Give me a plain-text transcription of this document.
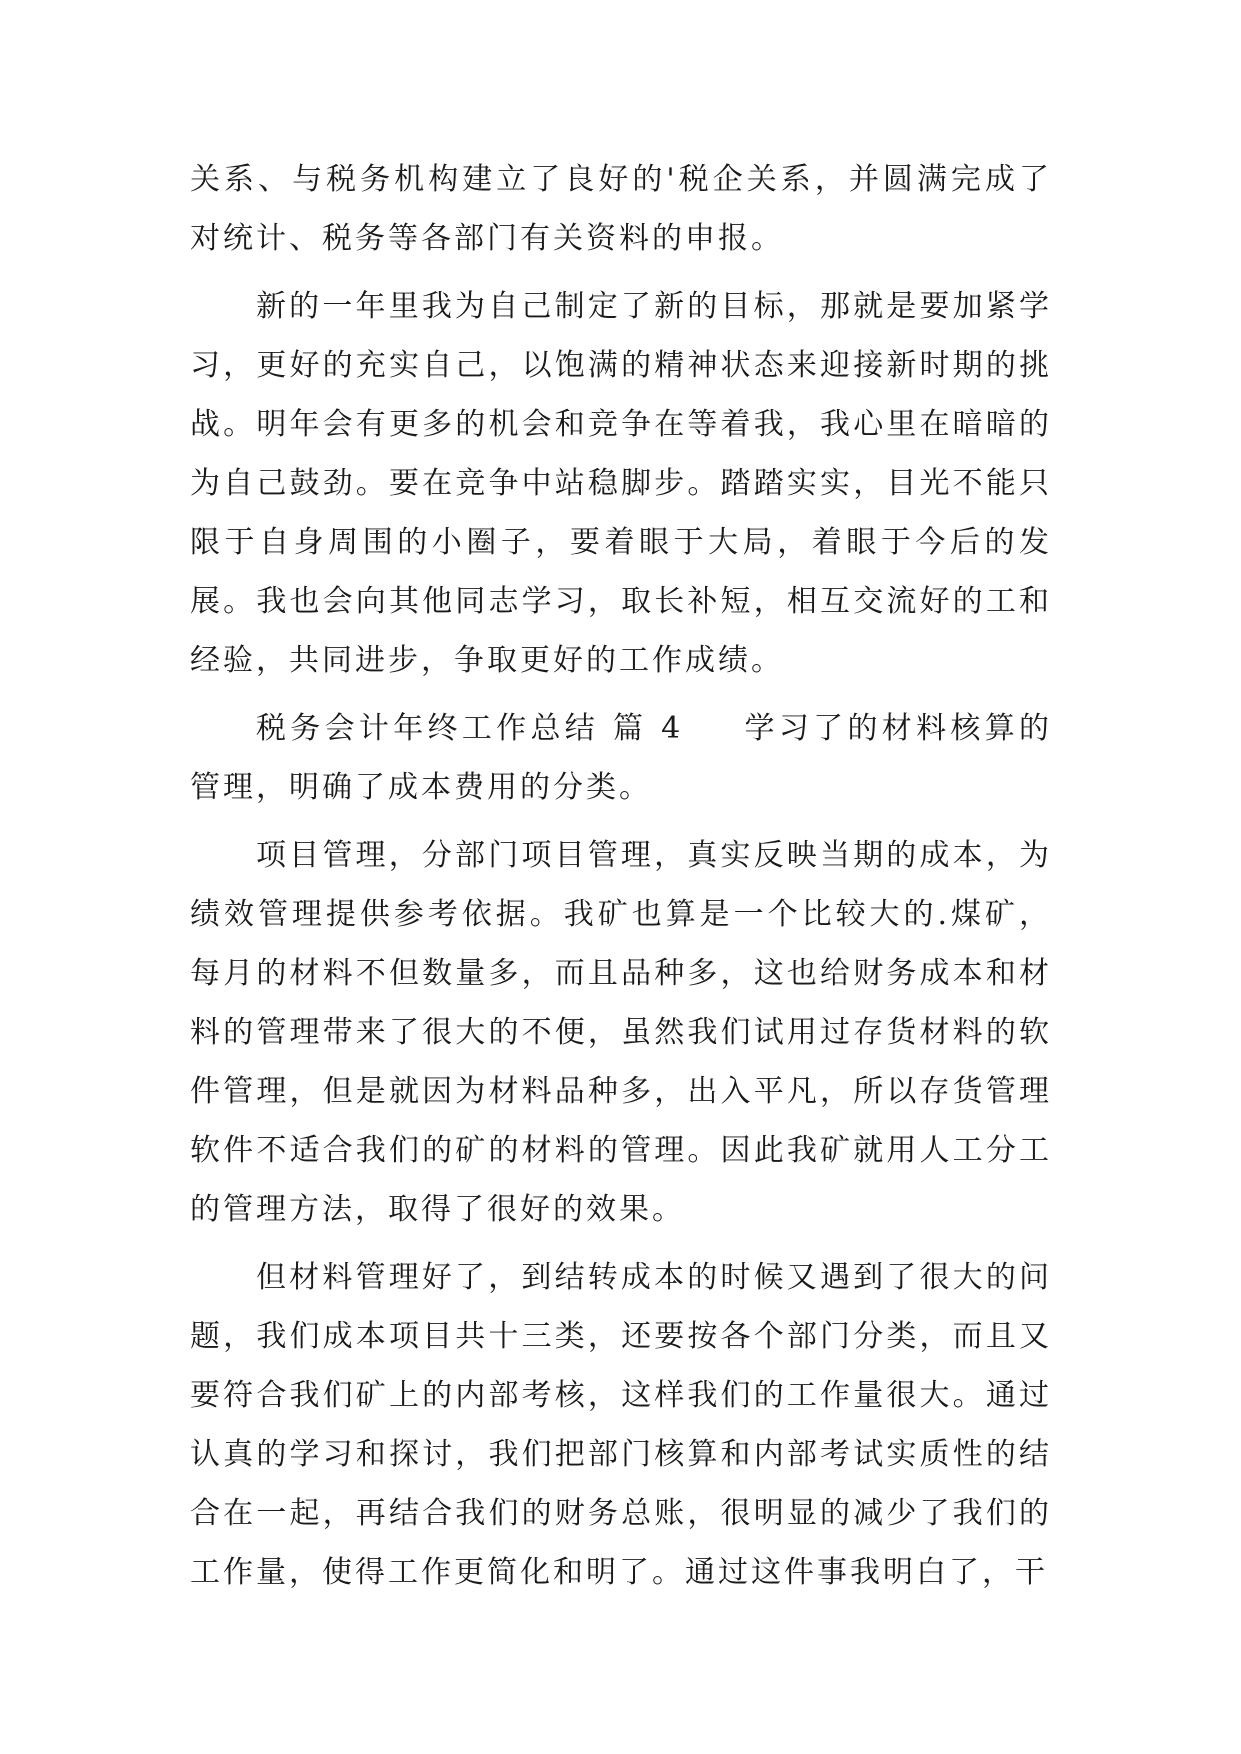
关系、与税务机构建立了良好的'税企关系，并圆满完成了对统计、税务等各部门有关资料的申报。

新的一年里我为自己制定了新的目标，那就是要加紧学习，更好的充实自己，以饱满的精神状态来迎接新时期的挑战。明年会有更多的机会和竞争在等着我，我心里在暗暗的为自己鼓劲。要在竞争中站稳脚步。踏踏实实，目光不能只限于自身周围的小圈子，要着眼于大局，着眼于今后的发展。我也会向其他同志学习，取长补短，相互交流好的工和经验，共同进步，争取更好的工作成绩。

税务会计年终工作总结 篇 4 学习了的材料核算的管理，明确了成本费用的分类。

项目管理，分部门项目管理，真实反映当期的成本，为绩效管理提供参考依据。我矿也算是一个比较大的.煤矿，每月的材料不但数量多，而且品种多，这也给财务成本和材料的管理带来了很大的不便，虽然我们试用过存货材料的软件管理，但是就因为材料品种多，出入平凡，所以存货管理软件不适合我们的矿的材料的管理。因此我矿就用人工分工的管理方法，取得了很好的效果。

但材料管理好了，到结转成本的时候又遇到了很大的问题，我们成本项目共十三类，还要按各个部门分类，而且又要符合我们矿上的内部考核，这样我们的工作量很大。通过认真的学习和探讨，我们把部门核算和内部考试实质性的结合在一起，再结合我们的财务总账，很明显的减少了我们的工作量，使得工作更简化和明了。通过这件事我明白了，干
